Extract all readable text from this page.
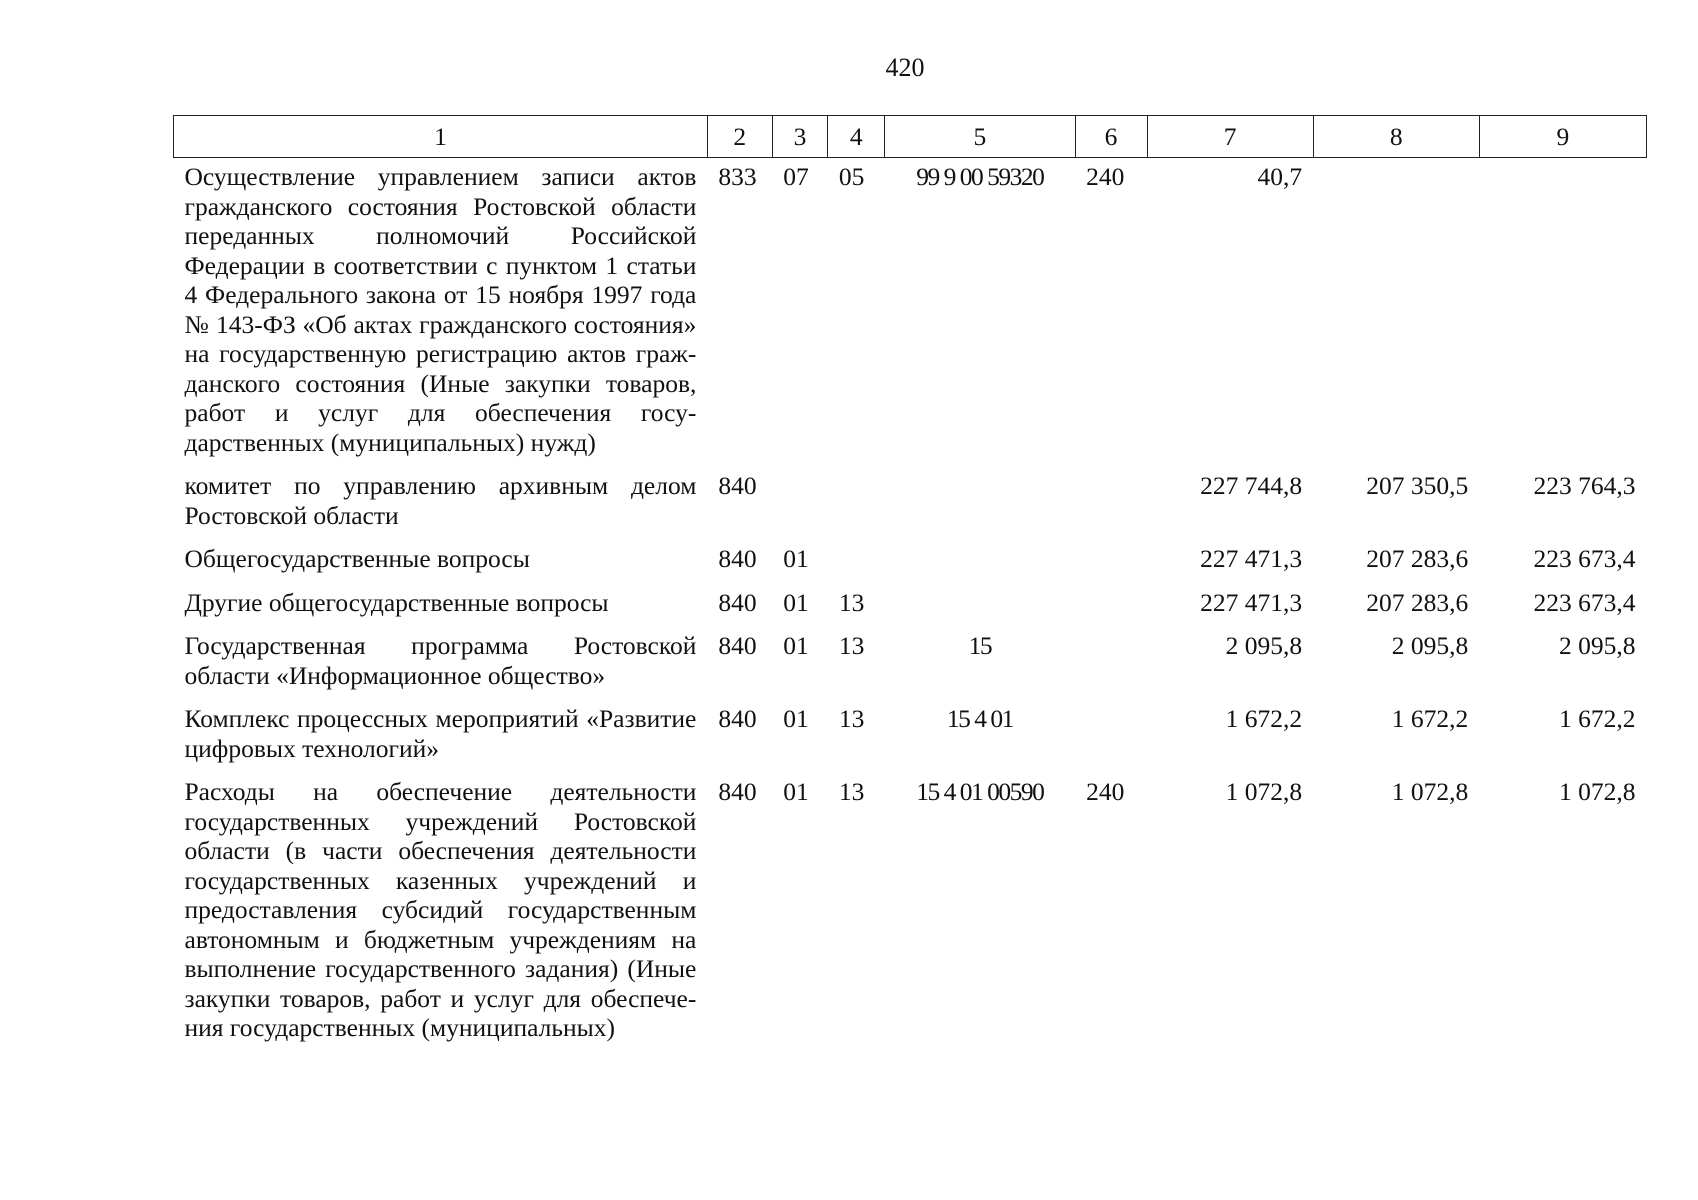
420
1	2	3	4	5	6	7	8	9
Осуществление управлением записи актов гражданского состояния Ростовской области переданных полномочий Российской Федерации в соответствии с пунктом 1 статьи 4 Федерального закона от 15 ноября 1997 года № 143-ФЗ «Об актах гражданского состояния» на государственную регистрацию актов гражданского состояния (Иные закупки товаров, работ и услуг для обеспечения государственных (муниципальных) нужд)	833	07	05	99 9 00 59320	240	40,7		
комитет по управлению архивным делом Ростовской области	840					227 744,8	207 350,5	223 764,3
Общегосударственные вопросы	840	01				227 471,3	207 283,6	223 673,4
Другие общегосударственные вопросы	840	01	13			227 471,3	207 283,6	223 673,4
Государственная программа Ростовской области «Информационное общество»	840	01	13	15		2 095,8	2 095,8	2 095,8
Комплекс процессных мероприятий «Развитие цифровых технологий»	840	01	13	15 4 01		1 672,2	1 672,2	1 672,2
Расходы на обеспечение деятельности государственных учреждений Ростовской области (в части обеспечения деятельности государственных казенных учреждений и предоставления субсидий государственным автономным и бюджетным учреждениям на выполнение государственного задания) (Иные закупки товаров, работ и услуг для обеспечения государственных (муниципальных)	840	01	13	15 4 01 00590	240	1 072,8	1 072,8	1 072,8
